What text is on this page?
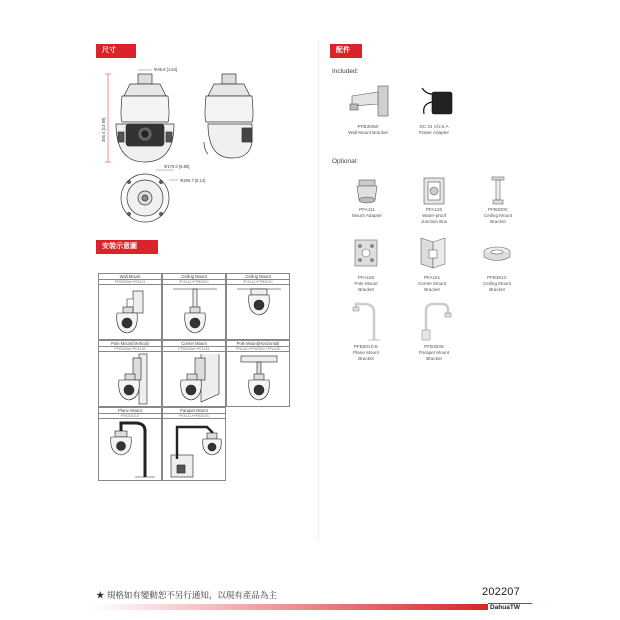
尺寸	配件
安裝示意圖
Φ46.8 [1.84]
355.4 [13.99]
Φ175.0 [6.89]
Φ206.7 [8.14]
Wall Mount
PFB305W+PFA111
Ceiling Mount
PFA111+PFB300C
Ceiling Mount
PFA111+PFB301C
Pole Mount(Vertical)
PFB305W+PFA150
Corner Mount
PFB305W+PFA151
Pole Mount(Horizontal)
PFA111+PFB300C+PFA150
Plane Mount
PFB301S-E
Parapet Mount
PFA111+PFB303S
Included:
PFB305W
Wall Mount Bracket
DC 24 V/2.5 A
Power Adapter
Optional:
PFA111
Mount Adapter
PFA120
Water-proof
Junction Box
PFB300C
Ceiling Mount
Bracket
PFA150
Pole Mount
Bracket
PFA151
Corner Mount
Bracket
PFB301C
Ceiling Mount
Bracket
PFB301S-E
Plane Mount
Bracket
PFB303S
Parapet Mount
Bracket
★ 規格如有變動恕不另行通知，以現有產品為主	202207
DahuaTW
